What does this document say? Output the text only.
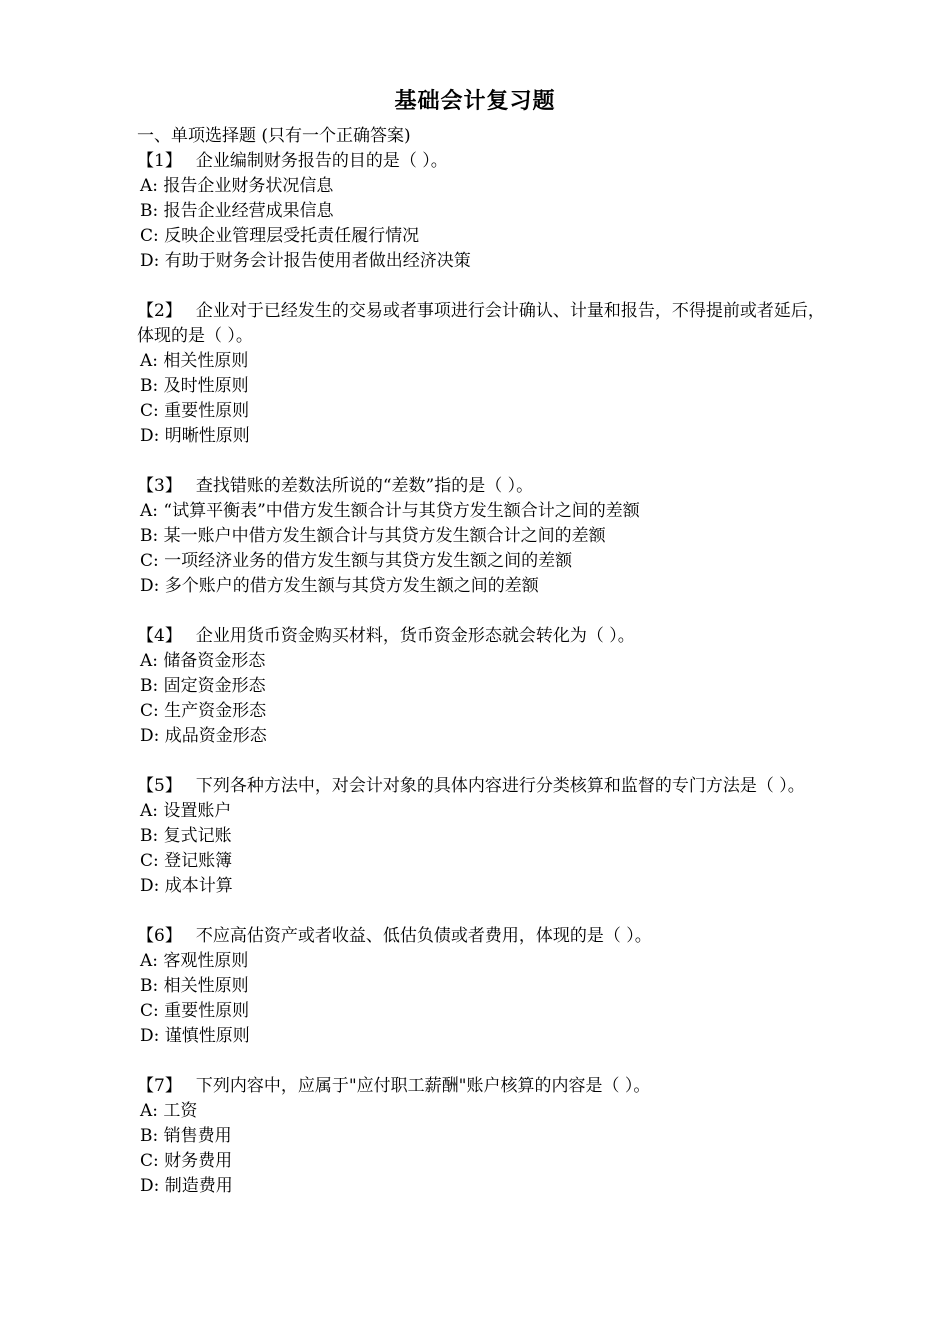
基础会计复习题

一、单项选择题 (只有一个正确答案)

【1】 企业编制财务报告的目的是（ ）。

A: 报告企业财务状况信息

B: 报告企业经营成果信息

C: 反映企业管理层受托责任履行情况

D: 有助于财务会计报告使用者做出经济决策

【2】 企业对于已经发生的交易或者事项进行会计确认、计量和报告，不得提前或者延后，体现的是（ ）。

A: 相关性原则

B: 及时性原则

C: 重要性原则

D: 明晰性原则

【3】 查找错账的差数法所说的“差数”指的是（ ）。

A: “试算平衡表”中借方发生额合计与其贷方发生额合计之间的差额

B: 某一账户中借方发生额合计与其贷方发生额合计之间的差额

C: 一项经济业务的借方发生额与其贷方发生额之间的差额

D: 多个账户的借方发生额与其贷方发生额之间的差额

【4】 企业用货币资金购买材料，货币资金形态就会转化为（ ）。

A: 储备资金形态

B: 固定资金形态

C: 生产资金形态

D: 成品资金形态

【5】 下列各种方法中，对会计对象的具体内容进行分类核算和监督的专门方法是（ ）。

A: 设置账户

B: 复式记账

C: 登记账簿

D: 成本计算

【6】 不应高估资产或者收益、低估负债或者费用，体现的是（ ）。

A: 客观性原则

B: 相关性原则

C: 重要性原则

D: 谨慎性原则

【7】 下列内容中，应属于"应付职工薪酬"账户核算的内容是（ ）。

A: 工资

B: 销售费用

C: 财务费用

D: 制造费用
